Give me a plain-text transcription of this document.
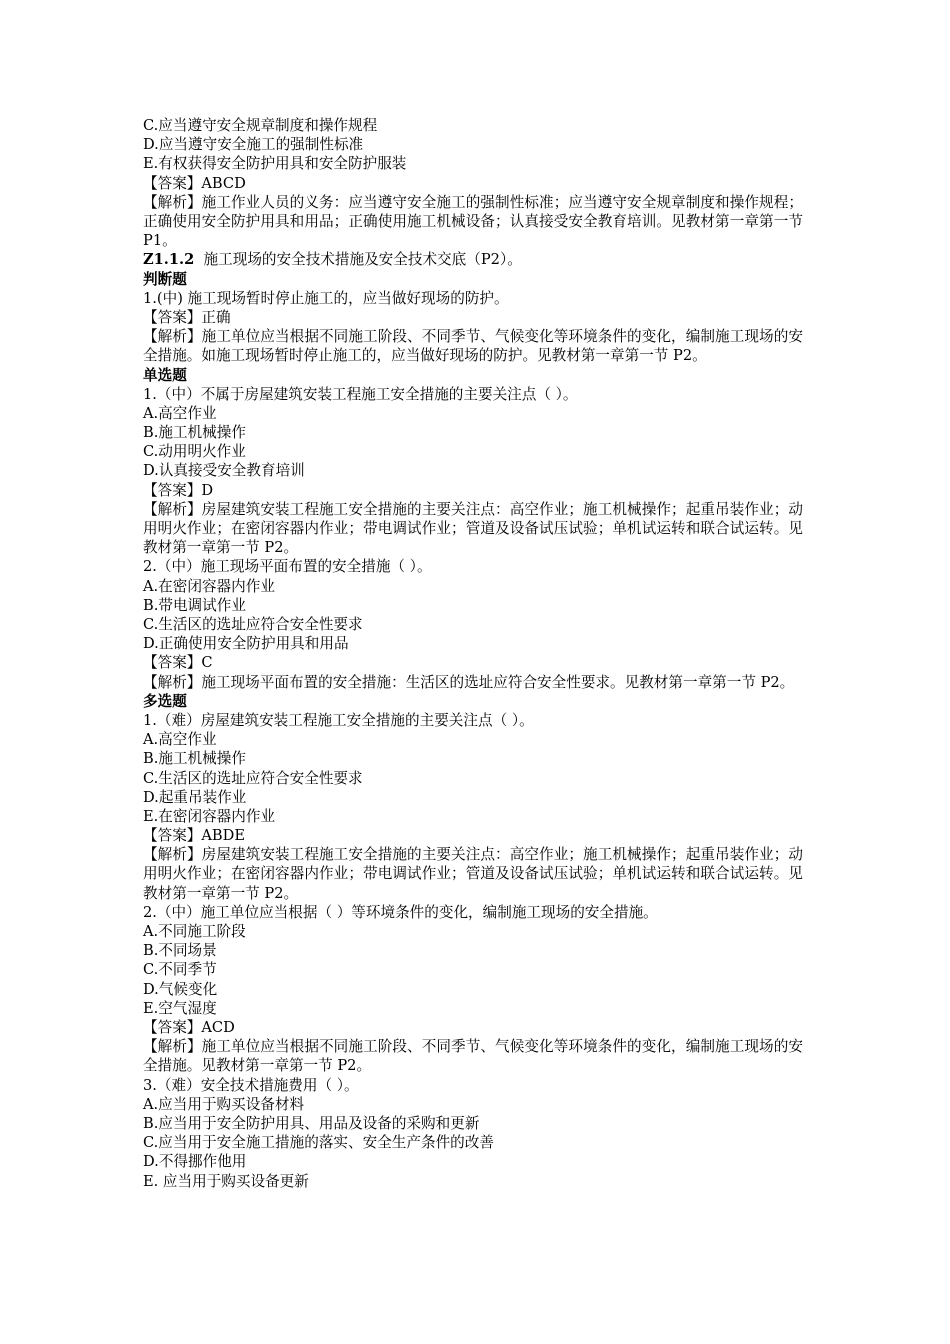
C.应当遵守安全规章制度和操作规程
D.应当遵守安全施工的强制性标准
E.有权获得安全防护用具和安全防护服装
【答案】ABCD
【解析】施工作业人员的义务：应当遵守安全施工的强制性标准；应当遵守安全规章制度和操作规程；正确使用安全防护用具和用品；正确使用施工机械设备；认真接受安全教育培训。见教材第一章第一节 P1。
Z1.1.2  施工现场的安全技术措施及安全技术交底（P2）。
判断题
1.(中) 施工现场暂时停止施工的，应当做好现场的防护。
【答案】正确
【解析】施工单位应当根据不同施工阶段、不同季节、气候变化等环境条件的变化，编制施工现场的安全措施。如施工现场暂时停止施工的，应当做好现场的防护。见教材第一章第一节 P2。
单选题
1.（中）不属于房屋建筑安装工程施工安全措施的主要关注点（ ）。
A.高空作业
B.施工机械操作
C.动用明火作业
D.认真接受安全教育培训
【答案】D
【解析】房屋建筑安装工程施工安全措施的主要关注点：高空作业；施工机械操作；起重吊装作业；动用明火作业；在密闭容器内作业；带电调试作业；管道及设备试压试验；单机试运转和联合试运转。见教材第一章第一节 P2。
2.（中）施工现场平面布置的安全措施（ ）。
A.在密闭容器内作业
B.带电调试作业
C.生活区的选址应符合安全性要求
D.正确使用安全防护用具和用品
【答案】C
【解析】施工现场平面布置的安全措施：生活区的选址应符合安全性要求。见教材第一章第一节 P2。
多选题
1.（难）房屋建筑安装工程施工安全措施的主要关注点（ ）。
A.高空作业
B.施工机械操作
C.生活区的选址应符合安全性要求
D.起重吊装作业
E.在密闭容器内作业
【答案】ABDE
【解析】房屋建筑安装工程施工安全措施的主要关注点：高空作业；施工机械操作；起重吊装作业；动用明火作业；在密闭容器内作业；带电调试作业；管道及设备试压试验；单机试运转和联合试运转。见教材第一章第一节 P2。
2.（中）施工单位应当根据（ ）等环境条件的变化，编制施工现场的安全措施。
A.不同施工阶段
B.不同场景
C.不同季节
D.气候变化
E.空气湿度
【答案】ACD
【解析】施工单位应当根据不同施工阶段、不同季节、气候变化等环境条件的变化，编制施工现场的安全措施。见教材第一章第一节 P2。
3.（难）安全技术措施费用（ ）。
A.应当用于购买设备材料
B.应当用于安全防护用具、用品及设备的采购和更新
C.应当用于安全施工措施的落实、安全生产条件的改善
D.不得挪作他用
E. 应当用于购买设备更新
